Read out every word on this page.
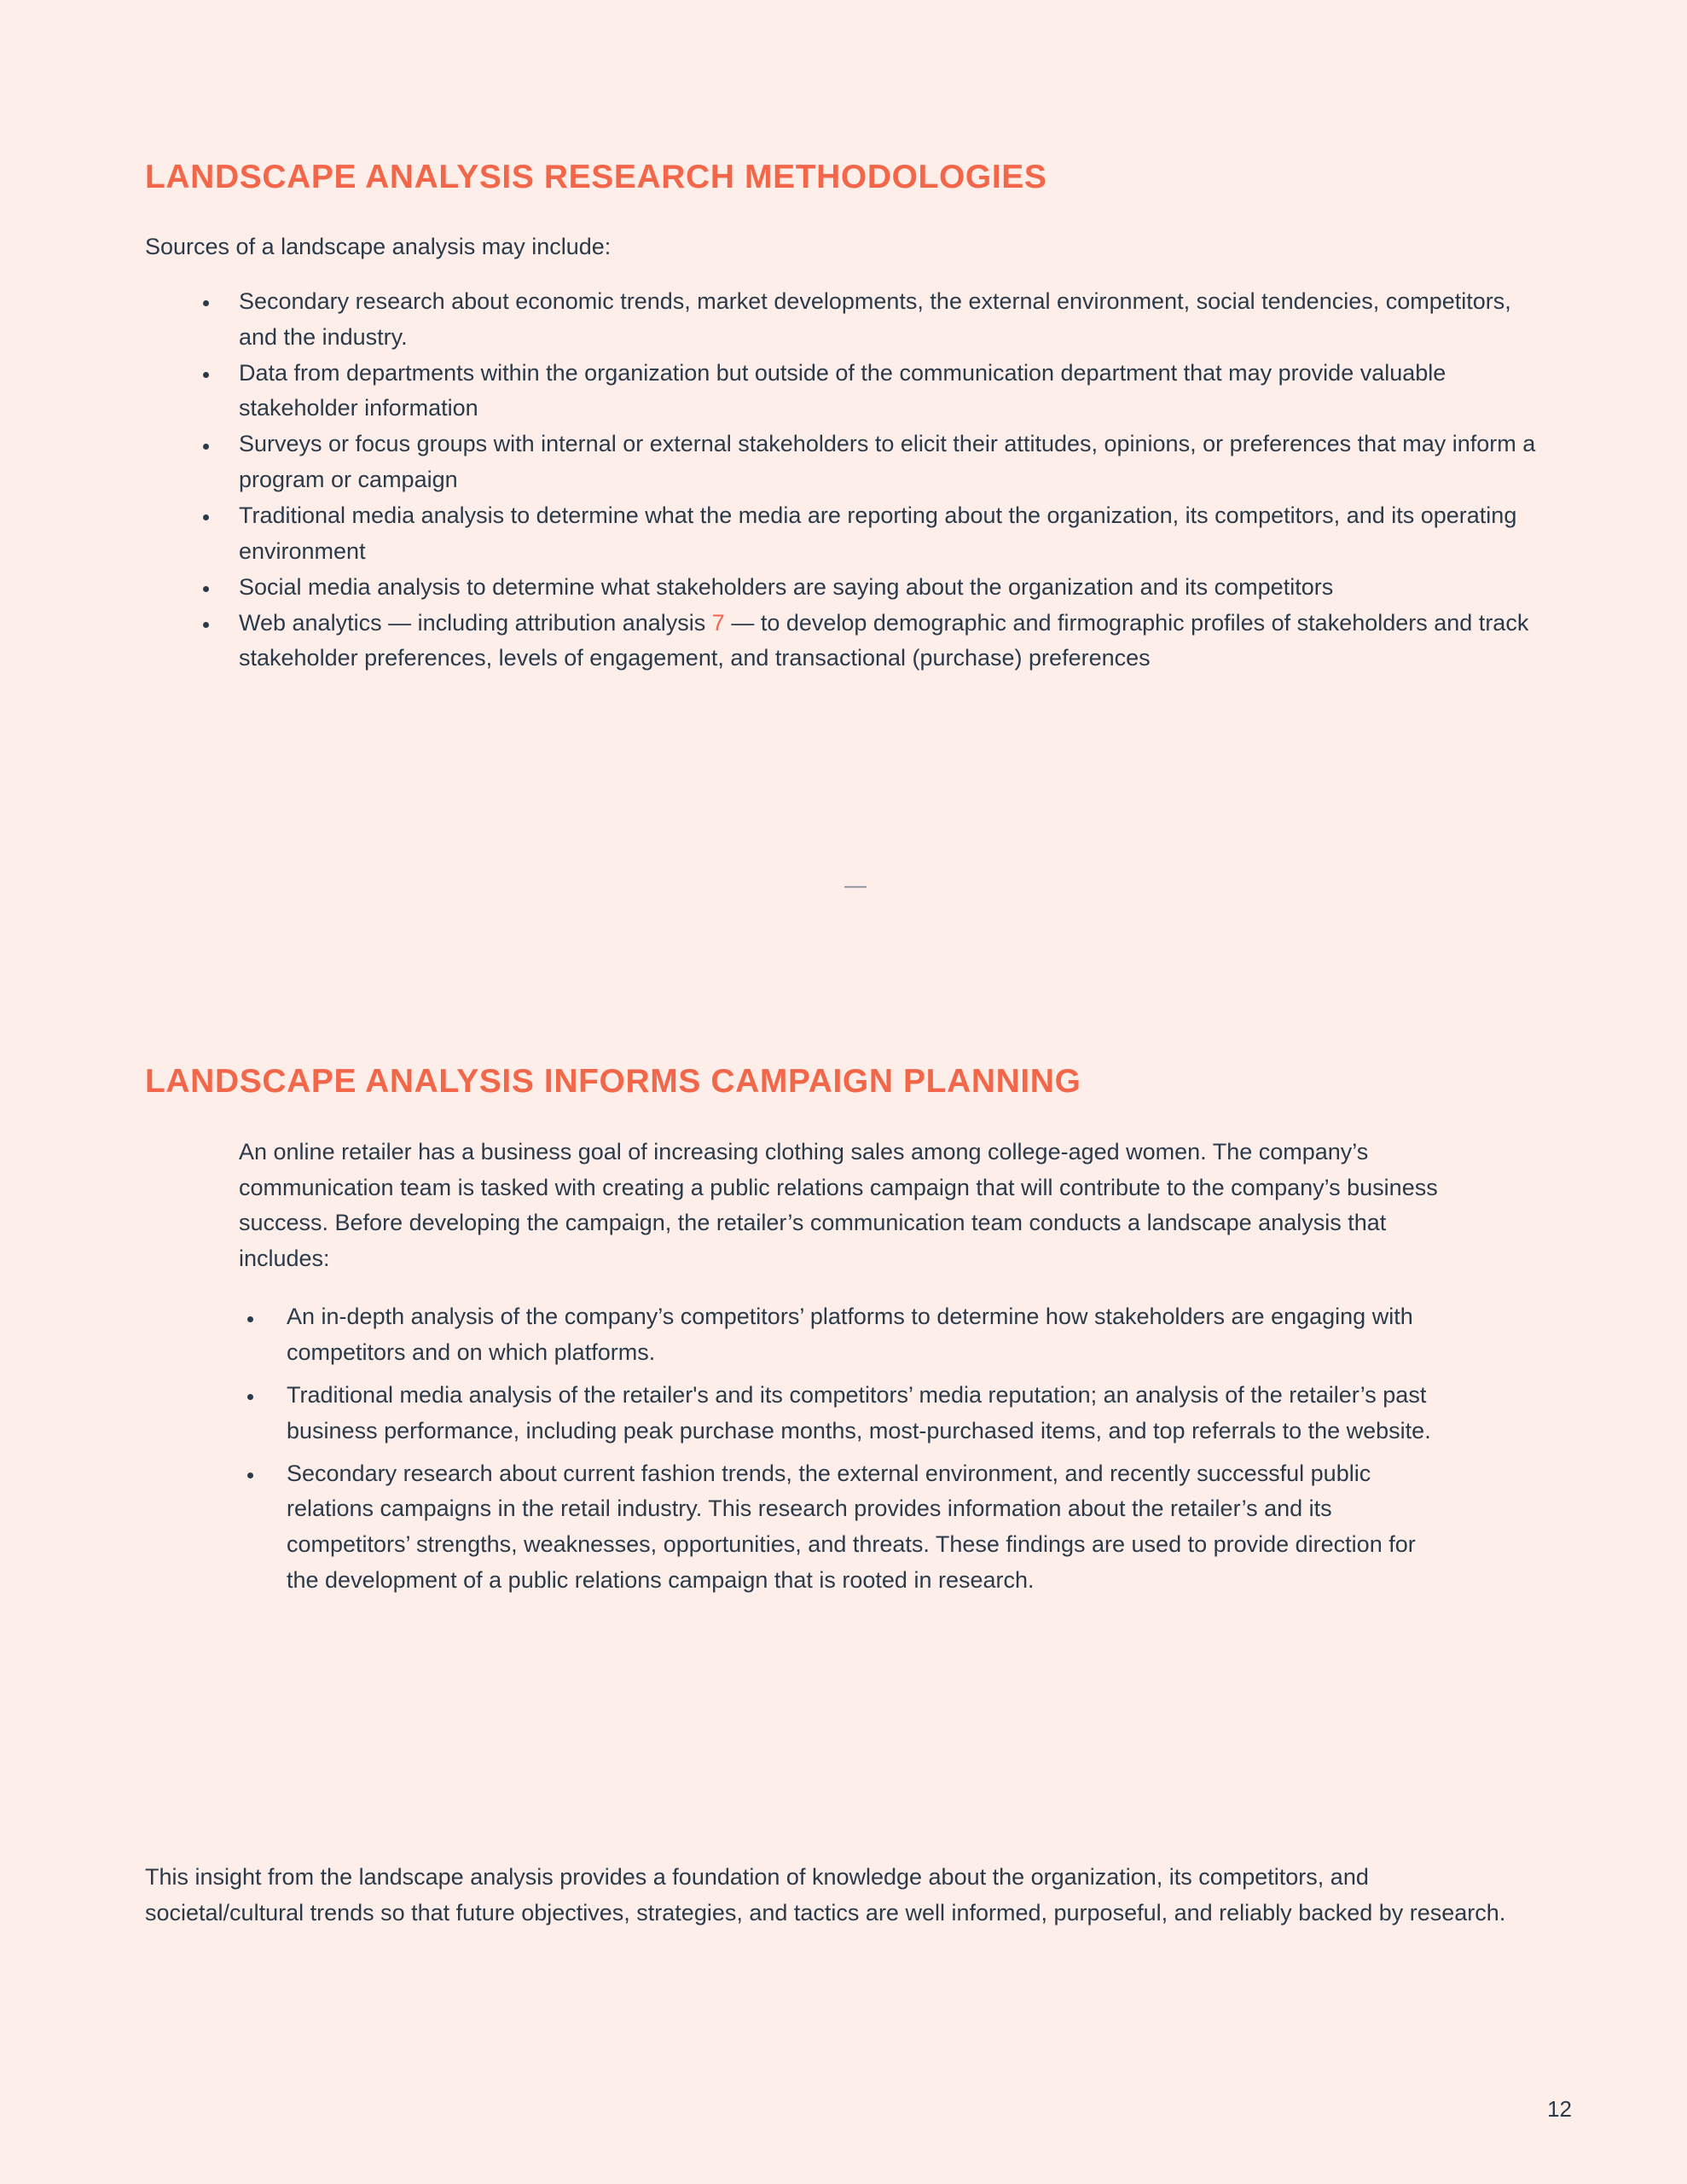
LANDSCAPE ANALYSIS RESEARCH METHODOLOGIES

Sources of a landscape analysis may include:

Secondary research about economic trends, market developments, the external environment, social tendencies, competitors, and the industry.
Data from departments within the organization but outside of the communication department that may provide valuable stakeholder information
Surveys or focus groups with internal or external stakeholders to elicit their attitudes, opinions, or preferences that may inform a program or campaign
Traditional media analysis to determine what the media are reporting about the organization, its competitors, and its operating environment
Social media analysis to determine what stakeholders are saying about the organization and its competitors
Web analytics — including attribution analysis 7 — to develop demographic and firmographic profiles of stakeholders and track stakeholder preferences, levels of engagement, and transactional (purchase) preferences
—
LANDSCAPE ANALYSIS INFORMS CAMPAIGN PLANNING
An online retailer has a business goal of increasing clothing sales among college-aged women. The company’s communication team is tasked with creating a public relations campaign that will contribute to the company’s business success. Before developing the campaign, the retailer’s communication team conducts a landscape analysis that includes:
An in-depth analysis of the company’s competitors’ platforms to determine how stakeholders are engaging with competitors and on which platforms.
Traditional media analysis of the retailer's and its competitors’ media reputation; an analysis of the retailer’s past business performance, including peak purchase months, most-purchased items, and top referrals to the website.
Secondary research about current fashion trends, the external environment, and recently successful public relations campaigns in the retail industry. This research provides information about the retailer’s and its competitors’ strengths, weaknesses, opportunities, and threats. These findings are used to provide direction for the development of a public relations campaign that is rooted in research.
This insight from the landscape analysis provides a foundation of knowledge about the organization, its competitors, and societal/cultural trends so that future objectives, strategies, and tactics are well informed, purposeful, and reliably backed by research.
12
